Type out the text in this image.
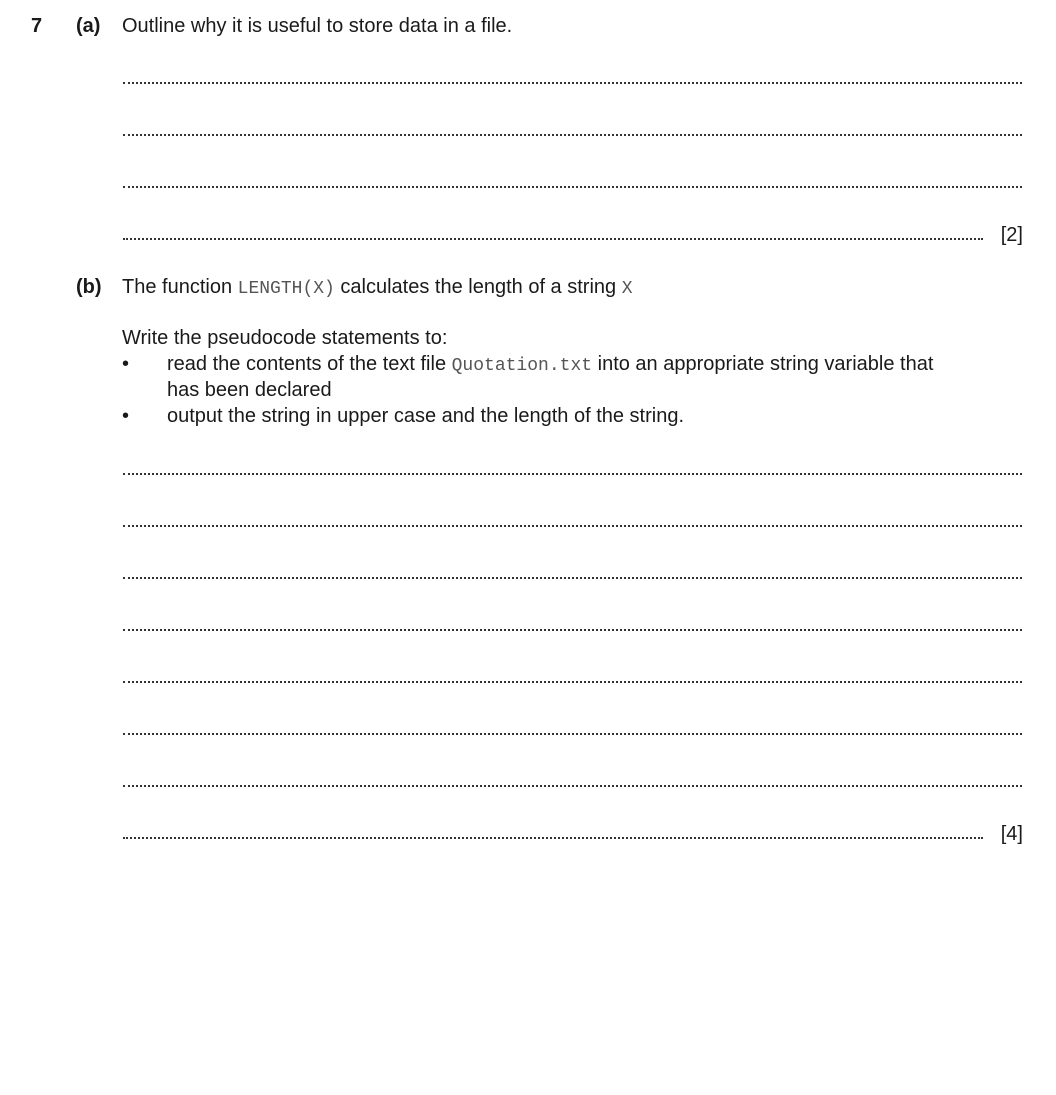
7 (a) Outline why it is useful to store data in a file.
[2]
(b) The function LENGTH(X) calculates the length of a string X
Write the pseudocode statements to:
• read the contents of the text file Quotation.txt into an appropriate string variable that
has been declared
• output the string in upper case and the length of the string.
[4]
